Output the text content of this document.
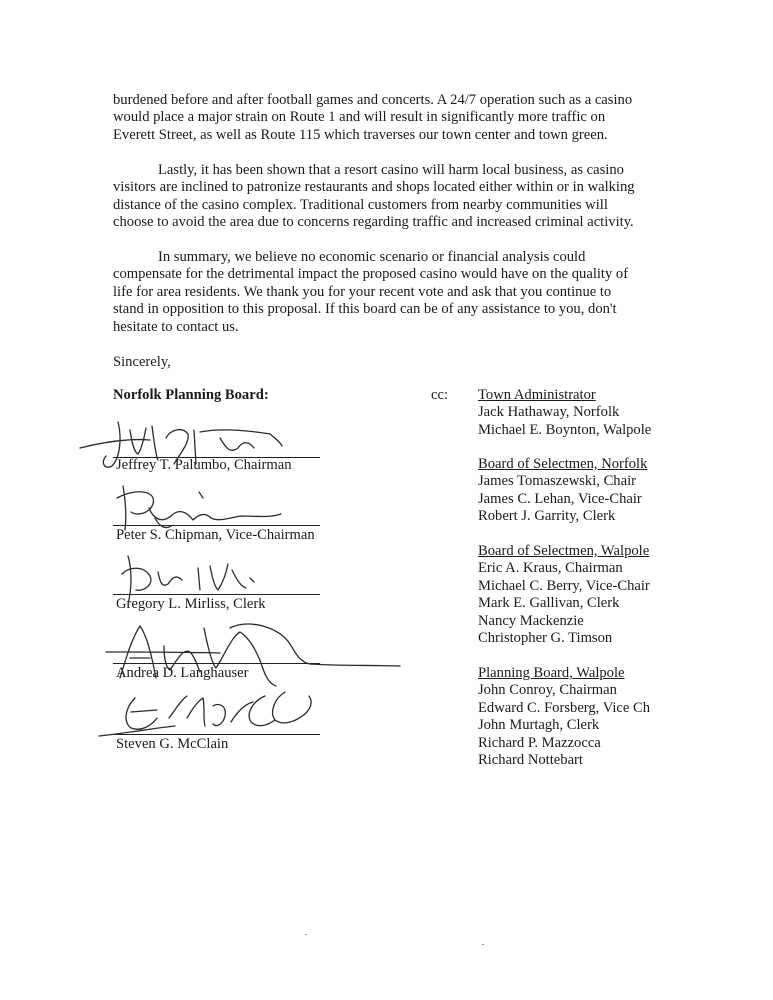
burdened before and after football games and concerts. A 24/7 operation such as a casino
would place a major strain on Route 1 and will result in significantly more traffic on
Everett Street, as well as Route 115 which traverses our town center and town green.
Lastly, it has been shown that a resort casino will harm local business, as casino
visitors are inclined to patronize restaurants and shops located either within or in walking
distance of the casino complex. Traditional customers from nearby communities will
choose to avoid the area due to concerns regarding traffic and increased criminal activity.
In summary, we believe no economic scenario or financial analysis could
compensate for the detrimental impact the proposed casino would have on the quality of
life for area residents. We thank you for your recent vote and ask that you continue to
stand in opposition to this proposal. If this board can be of any assistance to you, don't
hesitate to contact us.
Sincerely,
Norfolk Planning Board:
Jeffrey T. Palumbo, Chairman
Peter S. Chipman, Vice-Chairman
Gregory L. Mirliss, Clerk
Andrea D. Langhauser
Steven G. McClain
cc: Town Administrator
Jack Hathaway, Norfolk
Michael E. Boynton, Walpole
Board of Selectmen, Norfolk
James Tomaszewski, Chair
James C. Lehan, Vice-Chair
Robert J. Garrity, Clerk
Board of Selectmen, Walpole
Eric A. Kraus, Chairman
Michael C. Berry, Vice-Chair
Mark E. Gallivan, Clerk
Nancy Mackenzie
Christopher G. Timson
Planning Board, Walpole
John Conroy, Chairman
Edward C. Forsberg, Vice Ch
John Murtagh, Clerk
Richard P. Mazzocca
Richard Nottebart
